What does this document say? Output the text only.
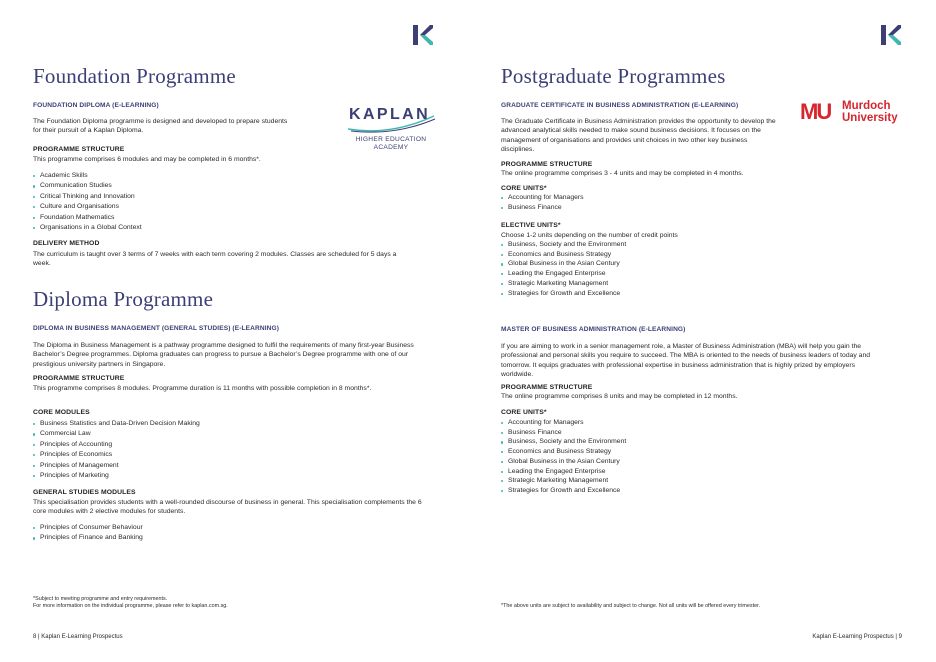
Foundation Programme
FOUNDATION DIPLOMA (E-LEARNING)

The Foundation Diploma programme is designed and developed to prepare students for their pursuit of a Kaplan Diploma.

PROGRAMME STRUCTURE

This programme comprises 6 modules and may be completed in 6 months*.

Academic Skills
Communication Studies
Critical Thinking and Innovation
Culture and Organisations
Foundation Mathematics
Organisations in a Global Context
DELIVERY METHOD

The curriculum is taught over 3 terms of 7 weeks with each term covering 2 modules. Classes are scheduled for 5 days a week.

KAPLAN
HIGHER EDUCATION
ACADEMY
Diploma Programme
DIPLOMA IN BUSINESS MANAGEMENT (GENERAL STUDIES) (E-LEARNING)

The Diploma in Business Management is a pathway programme designed to fulfil the requirements of many first-year Business Bachelor’s Degree programmes. Diploma graduates can progress to pursue a Bachelor’s Degree programme with one of our prestigious university partners in Singapore.

PROGRAMME STRUCTURE

This programme comprises 8 modules. Programme duration is 11 months with possible completion in 8 months*.

CORE MODULES
Business Statistics and Data-Driven Decision Making
Commercial Law
Principles of Accounting
Principles of Economics
Principles of Management
Principles of Marketing
GENERAL STUDIES MODULES

This specialisation provides students with a well-rounded discourse of business in general. This specialisation complements the 6 core modules with 2 elective modules for students.

Principles of Consumer Behaviour
Principles of Finance and Banking
*Subject to meeting programme and entry requirements.
For more information on the individual programme, please refer to kaplan.com.sg.
8 | Kaplan E-Learning Prospectus
Postgraduate Programmes
GRADUATE CERTIFICATE IN BUSINESS ADMINISTRATION (E-LEARNING)

The Graduate Certificate in Business Administration provides the opportunity to develop the advanced analytical skills needed to make sound business decisions. It focuses on the management of organisations and provides unit choices in two other key business disciplines.

PROGRAMME STRUCTURE

The online programme comprises 3 - 4 units and may be completed in 4 months.

CORE UNITS*
Accounting for Managers
Business Finance
ELECTIVE UNITS*

Choose 1-2 units depending on the number of credit points

Business, Society and the Environment
Economics and Business Strategy
Global Business in the Asian Century
Leading the Engaged Enterprise
Strategic Marketing Management
Strategies for Growth and Excellence
MASTER OF BUSINESS ADMINISTRATION (E-LEARNING)

If you are aiming to work in a senior management role, a Master of Business Administration (MBA) will help you gain the professional and personal skills you require to succeed. The MBA is oriented to the needs of business leaders of today and tomorrow. It equips graduates with professional expertise in business administration that is highly prized by employers worldwide.

PROGRAMME STRUCTURE

The online programme comprises 8 units and may be completed in 12 months.

CORE UNITS*
Accounting for Managers
Business Finance
Business, Society and the Environment
Economics and Business Strategy
Global Business in the Asian Century
Leading the Engaged Enterprise
Strategic Marketing Management
Strategies for Growth and Excellence
*The above units are subject to availability and subject to change. Not all units will be offered every trimester.
Kaplan E-Learning Prospectus | 9
MU Murdoch
University
